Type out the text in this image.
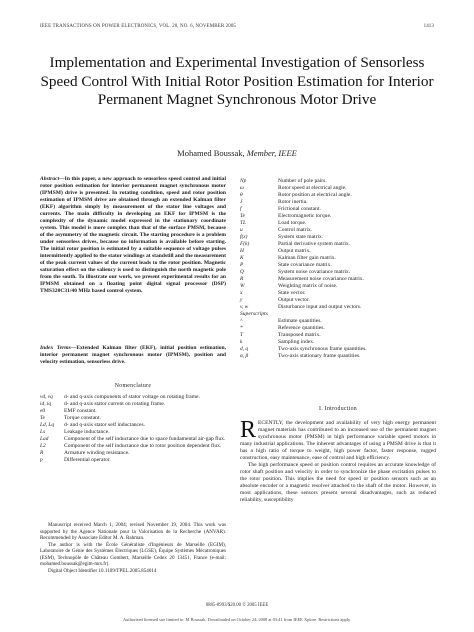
IEEE TRANSACTIONS ON POWER ELECTRONICS, VOL. 20, NO. 6, NOVEMBER 2005	1413
Implementation and Experimental Investigation of Sensorless Speed Control With Initial Rotor Position Estimation for Interior Permanent Magnet Synchronous Motor Drive
Mohamed Boussak, Member, IEEE
Abstract—In this paper, a new approach to sensorless speed control and initial rotor position estimation for interior permanent magnet synchronous motor (IPMSM) drive is presented. In rotating condition, speed and rotor position estimation of IPMSM drive are obtained through an extended Kalman filter (EKF) algorithm simply by measurement of the stator line voltages and currents. The main difficulty in developing an EKF for IPMSM is the complexity of the dynamic model expressed in the stationary coordinate system. This model is more complex than that of the surface PMSM, because of the asymmetry of the magnetic circuit. The starting procedure is a problem under sensorless drives, because no information is available before starting. The initial rotor position is estimated by a suitable sequence of voltage pulses intermittently applied to the stator windings at standstill and the measurement of the peak current values of the current leads to the rotor position. Magnetic saturation effect on the saliency is used to distinguish the north magnetic pole from the south. To illustrate our work, we present experimental results for an IPMSM obtained on a floating point digital signal processor (DSP) TMS320C31/40 MHz based control system.
Index Terms—Extended Kalman filter (EKF), initial position estimation, interior permanent magnet synchronous motor (IPMSM), position and velocity estimation, sensorless drive.
Nomenclature
vd, vq	d- and q-axis components of stator voltage on rotating frame.
id, iq	d- and q-axis stator current on rotating frame.
e0	EMF constant.
Te	Torque constant.
Ld, Lq	d- and q-axis stator self inductances.
Ls	Leakage inductance.
Lad	Component of the self inductance due to space fundamental air-gap flux.
L2	Component of the self inductance due to rotor position dependent flux.
R	Armature winding resistance.
p	Differential operator.
Np	Number of pole pairs.
ω	Rotor speed at electrical angle.
θ	Rotor position at electrical angle.
J	Rotor inertia.
f	Frictional constant.
Te	Electromagnetic torque.
TL	Load torque.
u	Control matrix.
f(x)	System state matrix.
F(k)	Partial derivative system matrix.
H	Output matrix.
K	Kalman filter gain matrix.
P	State covariance matrix.
Q	System noise covariance matrix.
R	Measurement noise covariance matrix.
W	Weighting matrix of noise.
x	State vector.
y	Output vector.
v, w	Disturbance input and output vectors.
Superscripts
^	Estimate quantities.
*	Reference quantities.
T	Transposed matrix.
k	Sampling index.
d, q	Two-axis synchronous frame quantities.
α, β	Two-axis stationary frame quantities.
I. Introduction

RECENTLY, the development and availability of very high energy permanent magnet materials has contributed to an increased use of the permanent magnet synchronous motor (PMSM) in high performance variable speed motors in many industrial applications. The inherent advantages of using a PMSM drive is that it has a high ratio of torque to weight, high power factor, faster response, rugged construction, easy maintenance, ease of control and high efficiency.

The high performance speed or position control requires an accurate knowledge of rotor shaft position and velocity in order to synchronize the phase excitation pulses to the rotor position. This implies the need for speed or position sensors such as an absolute encoder or a magnetic resolver attached to the shaft of the motor. However, in most applications, these sensors present several disadvantages, such as reduced reliability, susceptibility

Manuscript received March 1, 2004; revised November 19, 2004. This work was supported by the Agence Nationale pour la Valorisation de la Recherche (ANVAR). Recommended by Associate Editor M. A. Rahman.

The author is with the École Généraliste d'Ingénieurs de Marseille (EGIM), Laboratoire de Génie des Systèmes Électriques (LGSE), Équipe Systèmes Mécatroniques (ESM), Technopôle de Château Gombert, Marseille Cedex 20 13451, France (e-mail: mohamed.boussak@egim-mrs.fr).

Digital Object Identifier 10.1109/TPEL.2005.854014

0885-8993/$20.00 © 2005 IEEE
Authorized licensed use limited to: M Boussak. Downloaded on October 24, 2008 at 03:41 from IEEE Xplore. Restrictions apply.
